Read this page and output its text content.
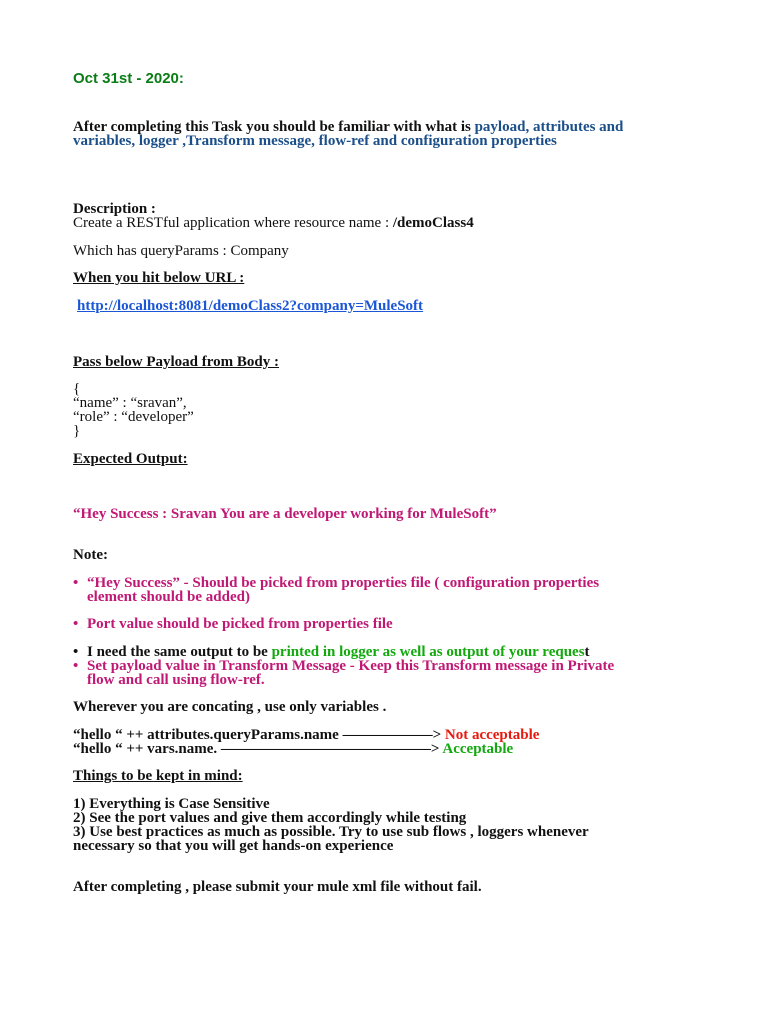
Oct 31st - 2020:
After completing this Task you should be familiar with what is payload, attributes and
variables, logger ,Transform message, flow-ref and configuration properties
Description :
Create a RESTful application where resource name : /demoClass4
Which has queryParams : Company
When you hit below URL :
http://localhost:8081/demoClass2?company=MuleSoft
Pass below Payload from Body :
{
“name” : “sravan”,
“role” : “developer”
}
Expected Output:
“Hey Success : Sravan You are a developer working for MuleSoft”
Note:
• “Hey Success” - Should be picked from properties file ( configuration properties
element should be added)
• Port value should be picked from properties file
• I need the same output to be printed in logger as well as output of your request
• Set payload value in Transform Message - Keep this Transform message in Private
flow and call using flow-ref.
Wherever you are concating , use only variables .
“hello “ ++ attributes.queryParams.name ——————> Not acceptable
“hello “ ++ vars.name. ——————————————> Acceptable
Things to be kept in mind:
1) Everything is Case Sensitive
2) See the port values and give them accordingly while testing
3) Use best practices as much as possible. Try to use sub flows , loggers whenever
necessary so that you will get hands-on experience
After completing , please submit your mule xml file without fail.
